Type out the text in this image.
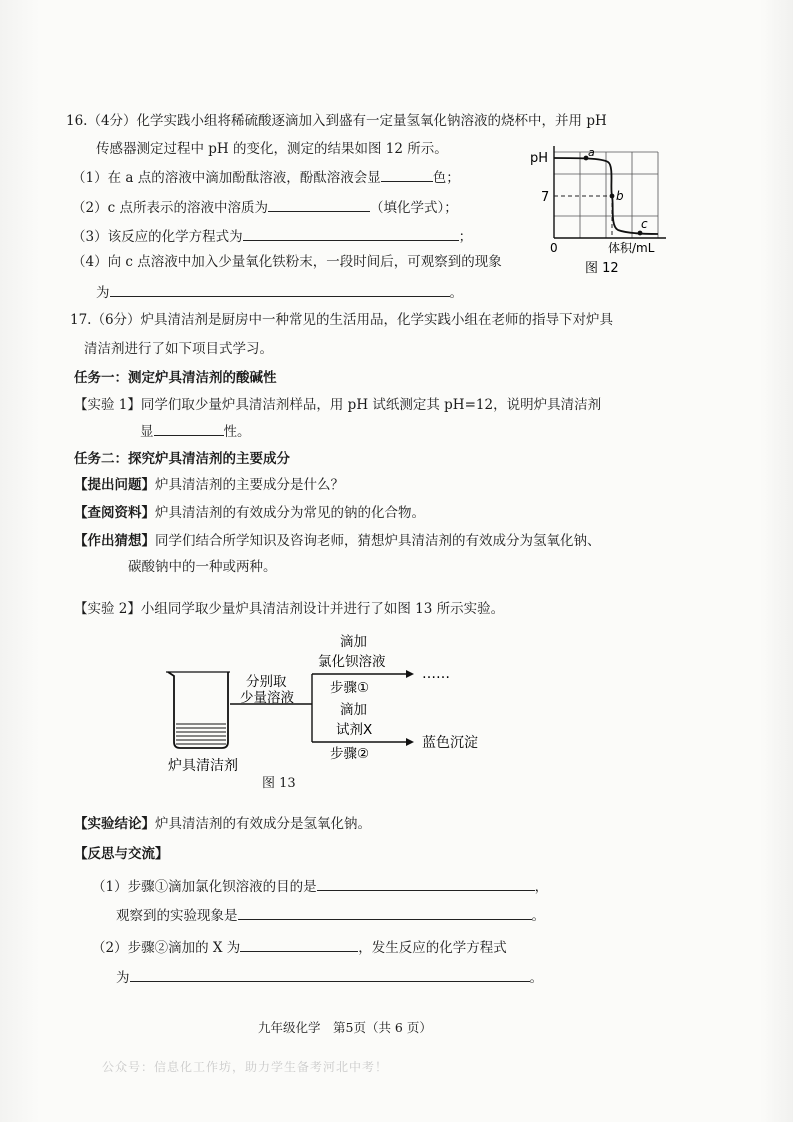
16.（4分）化学实践小组将稀硫酸逐滴加入到盛有一定量氢氧化钠溶液的烧杯中，并用 pH
传感器测定过程中 pH 的变化，测定的结果如图 12 所示。
（1）在 a 点的溶液中滴加酚酞溶液，酚酞溶液会显	色；
（2）c 点所表示的溶液中溶质为	（填化学式）；
（3）该反应的化学方程式为	；
（4）向 c 点溶液中加入少量氧化铁粉末，一段时间后，可观察到的现象
为	。
pH
7
0	体积/mL
a
b
c
图 12
17.（6分）炉具清洁剂是厨房中一种常见的生活用品，化学实践小组在老师的指导下对炉具
清洁剂进行了如下项目式学习。
任务一：测定炉具清洁剂的酸碱性
【实验 1】同学们取少量炉具清洁剂样品，用 pH 试纸测定其 pH=12，说明炉具清洁剂
显	性。
任务二：探究炉具清洁剂的主要成分
【提出问题】炉具清洁剂的主要成分是什么？
【查阅资料】炉具清洁剂的有效成分为常见的钠的化合物。
【作出猜想】同学们结合所学知识及咨询老师，猜想炉具清洁剂的有效成分为氢氧化钠、
碳酸钠中的一种或两种。
【实验 2】小组同学取少量炉具清洁剂设计并进行了如图 13 所示实验。
炉具清洁剂
分别取
少量溶液
滴加
氯化钡溶液
步骤①
……
滴加
试剂X
步骤②
蓝色沉淀
图 13
【实验结论】炉具清洁剂的有效成分是氢氧化钠。
【反思与交流】
（1）步骤①滴加氯化钡溶液的目的是	，
观察到的实验现象是	。
（2）步骤②滴加的 X 为	，发生反应的化学方程式
为	。
九年级化学　第5页（共 6 页）
公众号：信息化工作坊，助力学生备考河北中考！
